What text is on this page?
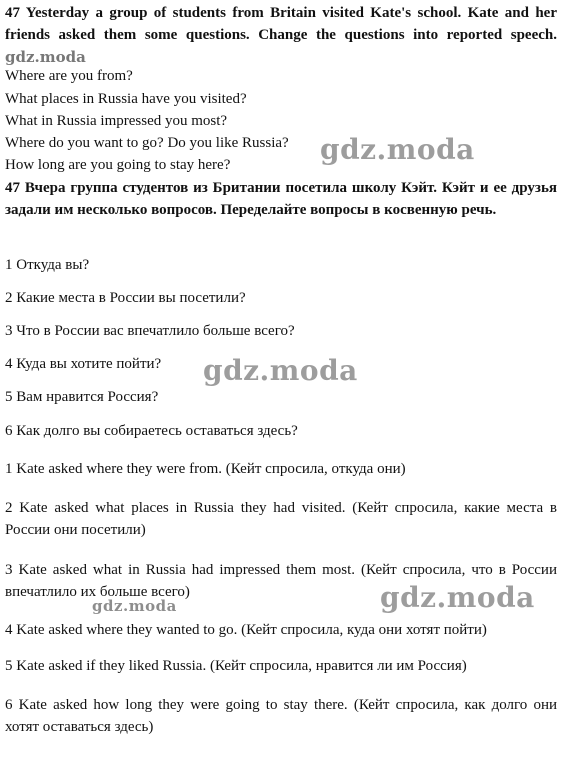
47 Yesterday a group of students from Britain visited Kate's school. Kate and her friends asked them some questions. Change the questions into reported speech. gdz.moda
Where are you from?
What places in Russia have you visited?
What in Russia impressed you most?
Where do you want to go? Do you like Russia?
How long are you going to stay here?
47 Вчера группа студентов из Британии посетила школу Кэйт. Кэйт и ее друзья задали им несколько вопросов. Переделайте вопросы в косвенную речь.
1 Откуда вы?
2 Какие места в России вы посетили?
3 Что в России вас впечатлило больше всего?
4 Куда вы хотите пойти?
5 Вам нравится Россия?
6 Как долго вы собираетесь оставаться здесь?
1 Kate asked where they were from. (Кейт спросила, откуда они)
2 Kate asked what places in Russia they had visited. (Кейт спросила, какие места в России они посетили)
3 Kate asked what in Russia had impressed them most. (Кейт спросила, что в России впечатлило их больше всего)
4 Kate asked where they wanted to go. (Кейт спросила, куда они хотят пойти)
5 Kate asked if they liked Russia. (Кейт спросила, нравится ли им Россия)
6 Kate asked how long they were going to stay there. (Кейт спросила, как долго они хотят оставаться здесь)
gdz.moda
gdz.moda
gdz.moda	gdz.moda
